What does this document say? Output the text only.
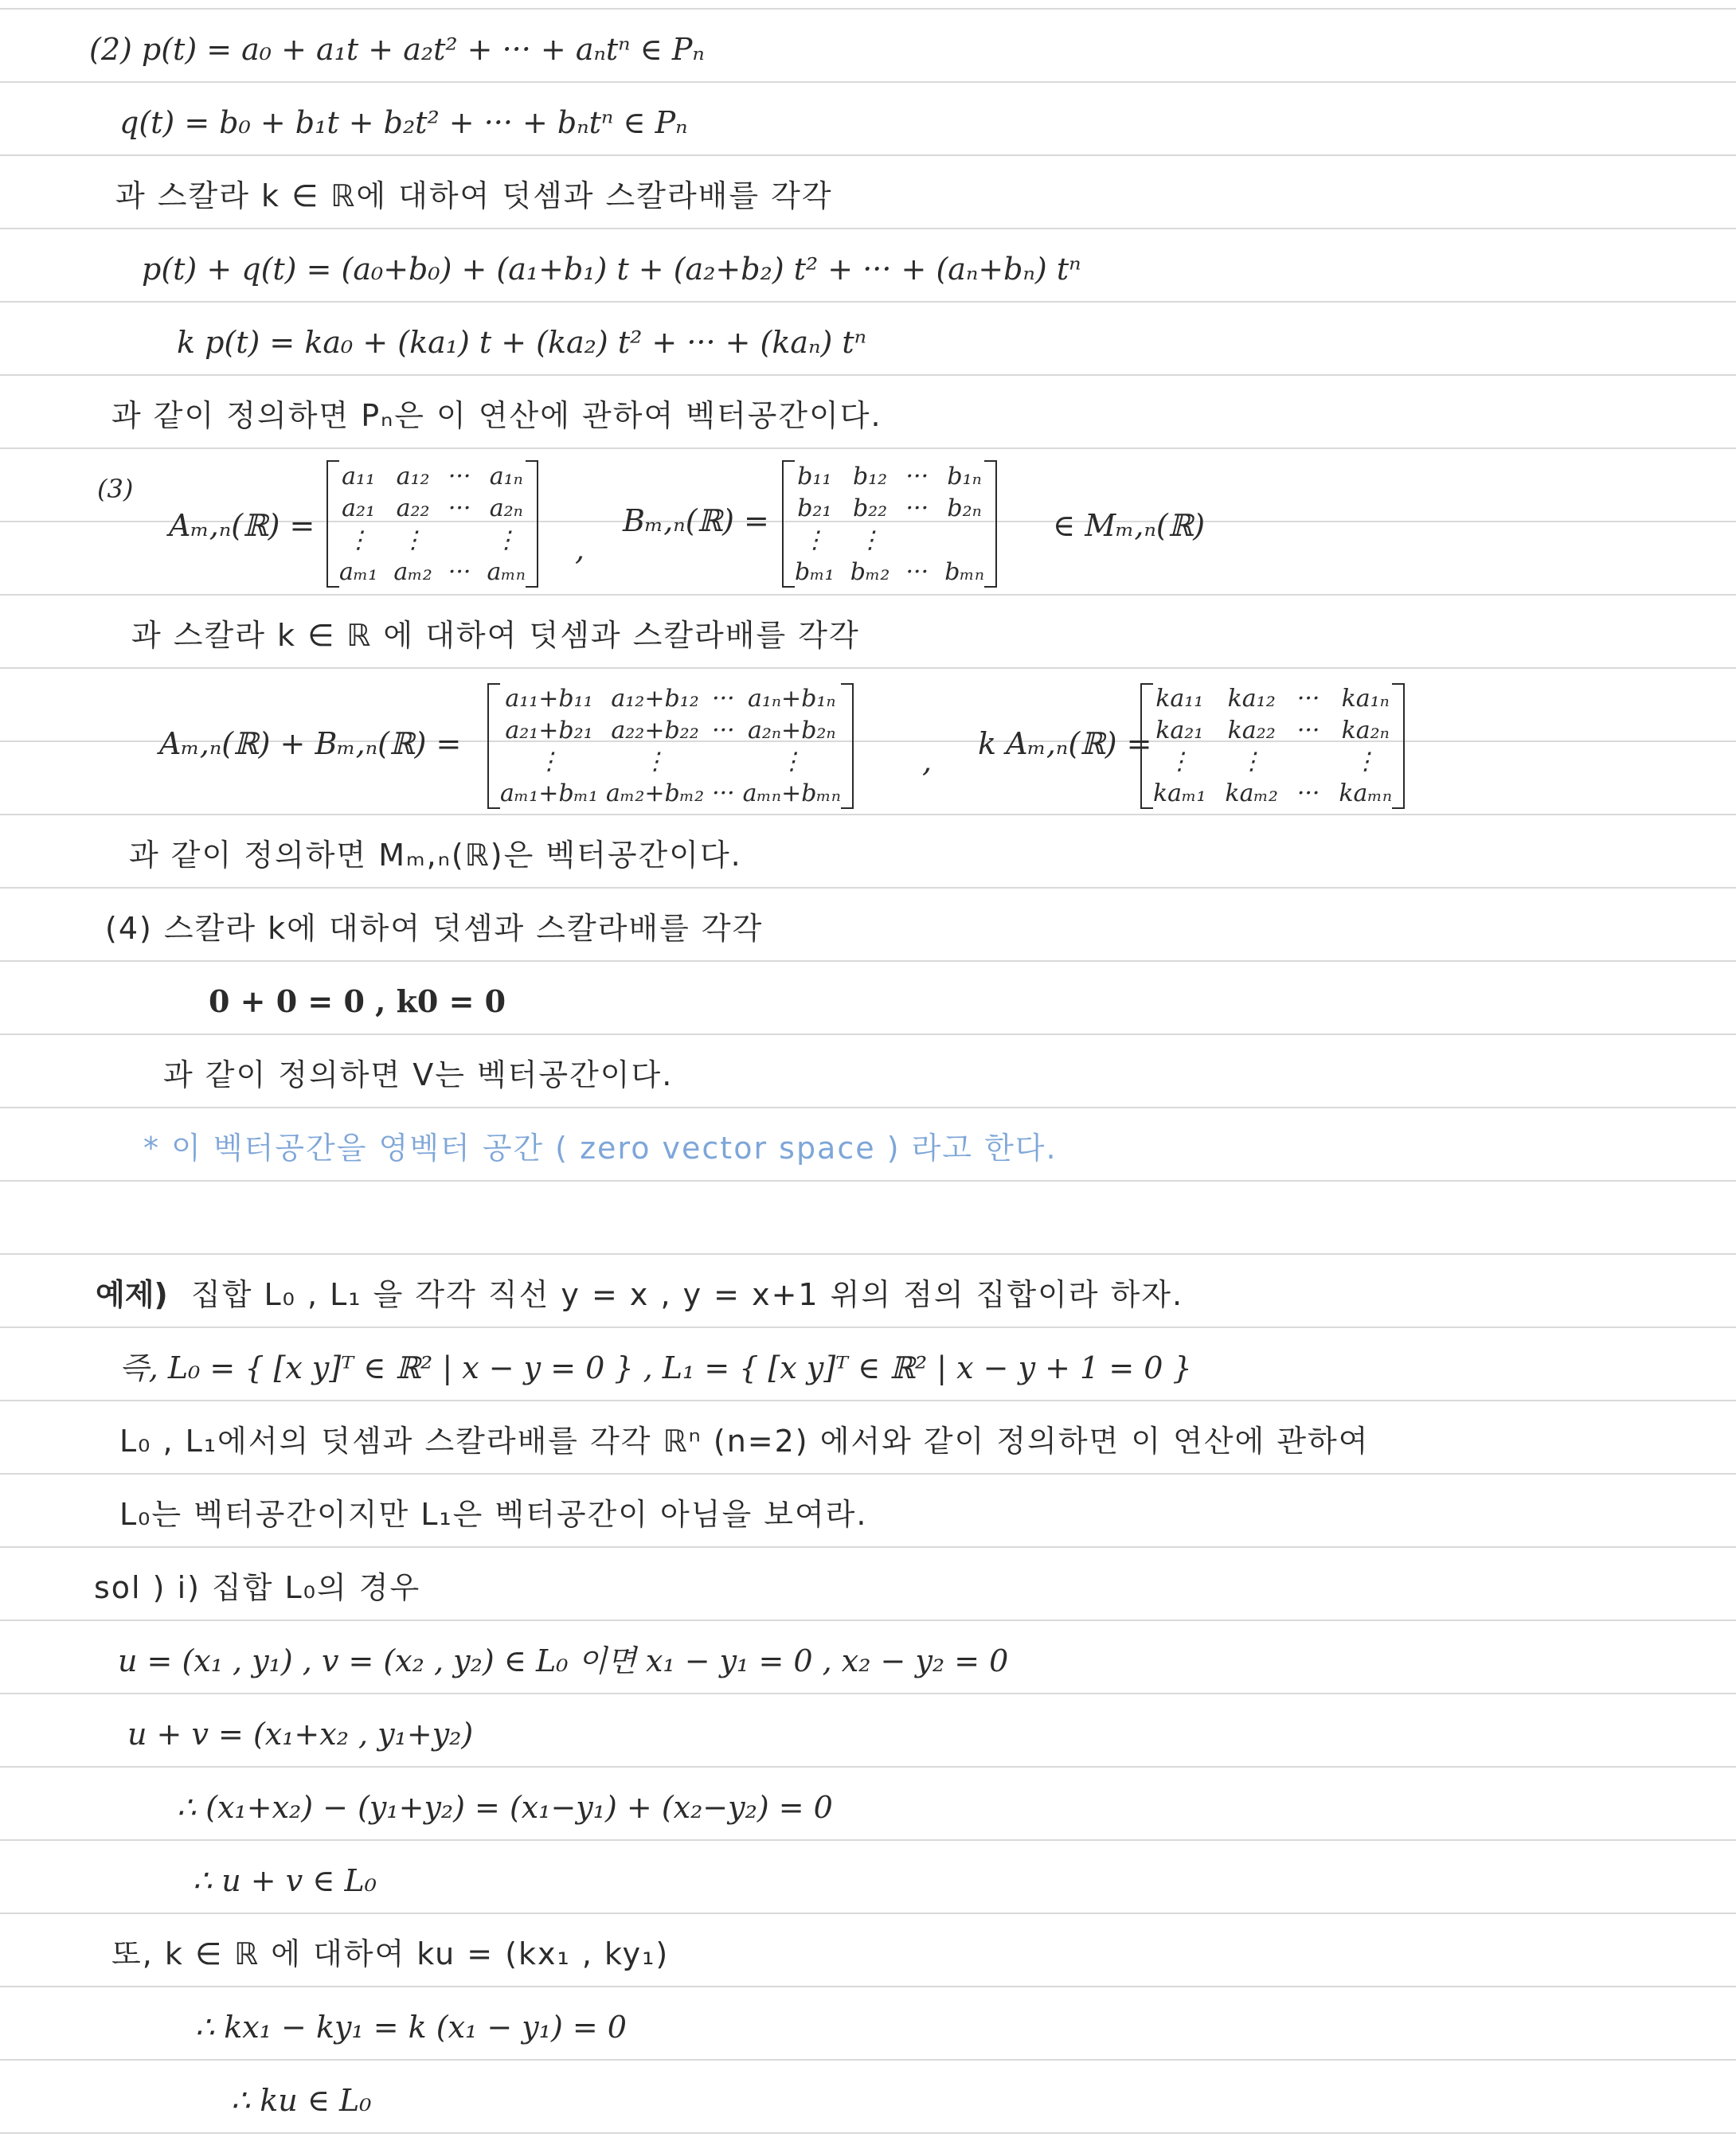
(2) p(t) = a₀ + a₁t + a₂t² + ··· + aₙtⁿ ∈ Pₙ
q(t) = b₀ + b₁t + b₂t² + ··· + bₙtⁿ ∈ Pₙ
과 스칼라 k ∈ ℝ에 대하여 덧셈과 스칼라배를 각각
p(t) + q(t) = (a₀+b₀) + (a₁+b₁) t + (a₂+b₂) t² + ··· + (aₙ+bₙ) tⁿ
k p(t) = ka₀ + (ka₁) t + (ka₂) t² + ··· + (kaₙ) tⁿ
과 같이 정의하면 Pₙ은 이 연산에 관하여 벡터공간이다.
(3)
Aₘ,ₙ(ℝ) =
a₁₁ a₁₂ ··· a₁ₙ
a₂₁ a₂₂ ··· a₂ₙ
⋮ ⋮	⋮
aₘ₁ aₘ₂ ··· aₘₙ
,
Bₘ,ₙ(ℝ) =
b₁₁ b₁₂ ··· b₁ₙ
b₂₁ b₂₂ ··· b₂ₙ
⋮ ⋮
bₘ₁ bₘ₂ ··· bₘₙ
∈ Mₘ,ₙ(ℝ)
과 스칼라 k ∈ ℝ 에 대하여 덧셈과 스칼라배를 각각
Aₘ,ₙ(ℝ) + Bₘ,ₙ(ℝ) =
a₁₁+b₁₁ a₁₂+b₁₂ ··· a₁ₙ+b₁ₙ
a₂₁+b₂₁ a₂₂+b₂₂ ··· a₂ₙ+b₂ₙ
⋮	⋮	⋮
aₘ₁+bₘ₁ aₘ₂+bₘ₂ ··· aₘₙ+bₘₙ
, k Aₘ,ₙ(ℝ) =
ka₁₁ ka₁₂ ··· ka₁ₙ
ka₂₁ ka₂₂ ··· ka₂ₙ
⋮ ⋮	⋮
kaₘ₁ kaₘ₂ ··· kaₘₙ
과 같이 정의하면 Mₘ,ₙ(ℝ)은 벡터공간이다.
(4) 스칼라 k에 대하여 덧셈과 스칼라배를 각각
0 + 0 = 0 , k0 = 0
과 같이 정의하면 V는 벡터공간이다.
* 이 벡터공간을 영벡터 공간 ( zero vector space ) 라고 한다.
예제) 집합 L₀ , L₁ 을 각각 직선 y = x , y = x+1 위의 점의 집합이라 하자.
즉, L₀ = { [x y]ᵀ ∈ ℝ² | x − y = 0 } , L₁ = { [x y]ᵀ ∈ ℝ² | x − y + 1 = 0 }
L₀ , L₁에서의 덧셈과 스칼라배를 각각 ℝⁿ (n=2) 에서와 같이 정의하면 이 연산에 관하여
L₀는 벡터공간이지만 L₁은 벡터공간이 아님을 보여라.
sol ) i) 집합 L₀의 경우
u = (x₁ , y₁) , v = (x₂ , y₂) ∈ L₀ 이면 x₁ − y₁ = 0 , x₂ − y₂ = 0
u + v = (x₁+x₂ , y₁+y₂)
∴ (x₁+x₂) − (y₁+y₂) = (x₁−y₁) + (x₂−y₂) = 0
∴ u + v ∈ L₀
또, k ∈ ℝ 에 대하여 ku = (kx₁ , ky₁)
∴ kx₁ − ky₁ = k (x₁ − y₁) = 0
∴ ku ∈ L₀
